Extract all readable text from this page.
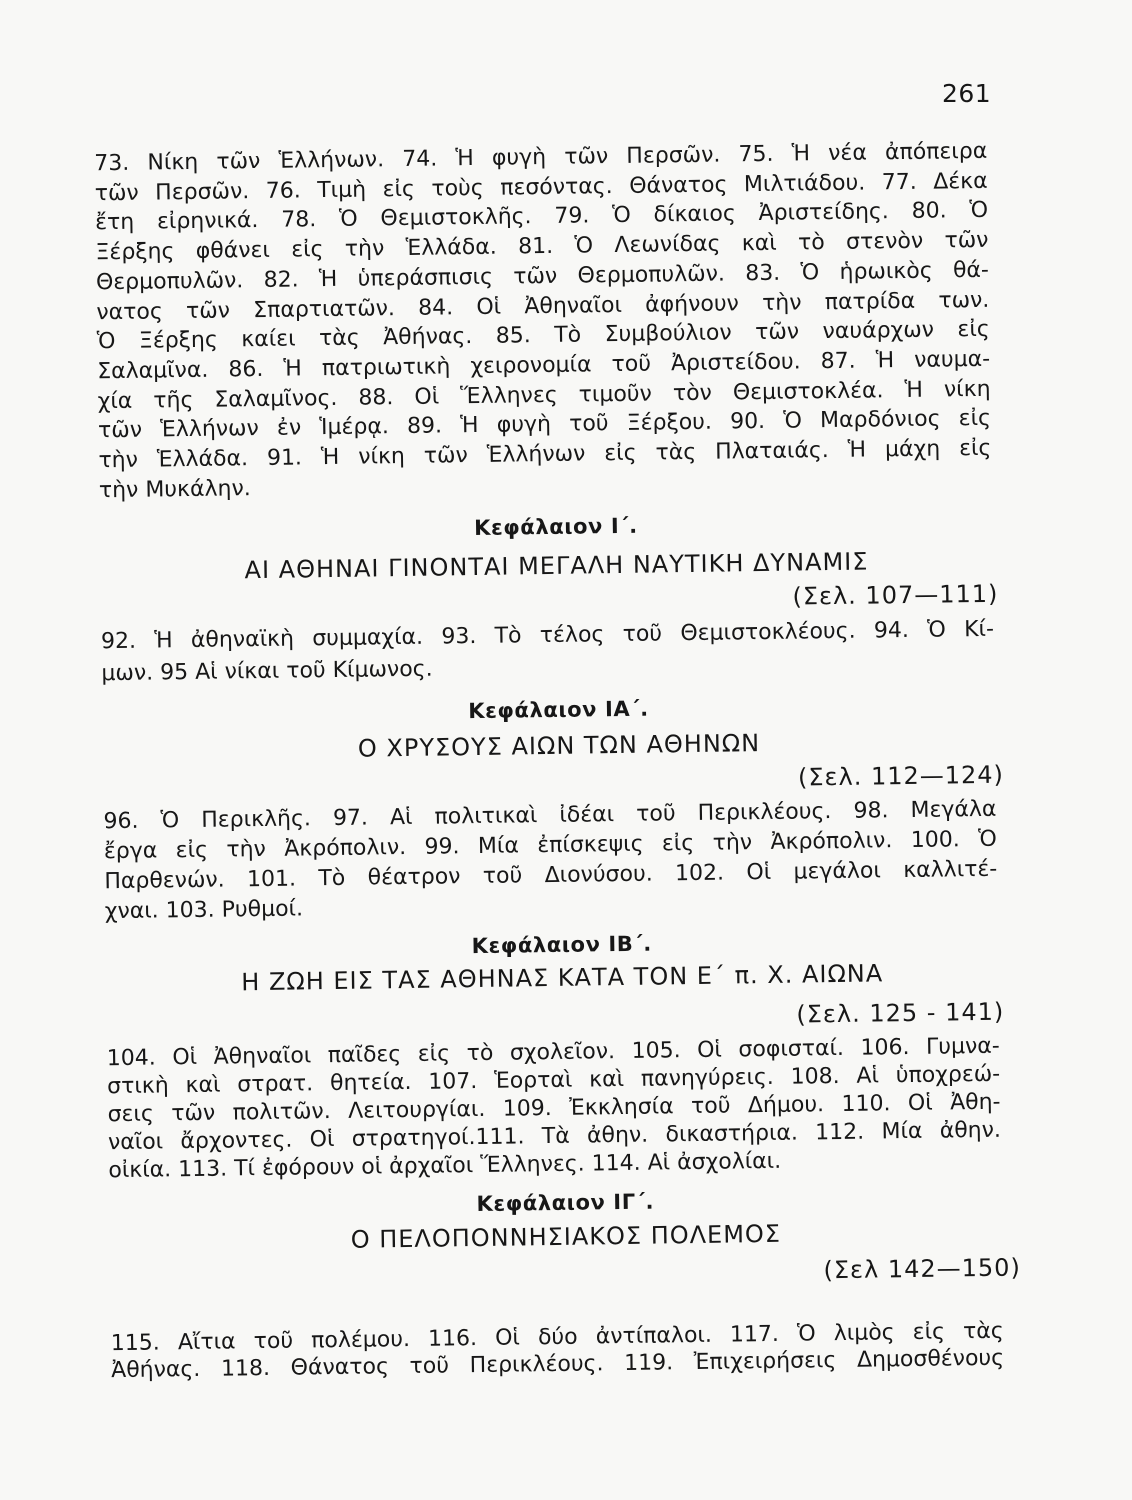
261
73. Νίκη τῶν Ἑλλήνων. 74. Ἡ φυγὴ τῶν Περσῶν. 75. Ἡ νέα ἀπόπειρα
τῶν Περσῶν. 76. Τιμὴ εἰς τοὺς πεσόντας. Θάνατος Μιλτιάδου. 77. Δέκα
ἔτη εἰρηνικά. 78. Ὁ Θεμιστοκλῆς. 79. Ὁ δίκαιος Ἀριστείδης. 80. Ὁ
Ξέρξης φθάνει εἰς τὴν Ἑλλάδα. 81. Ὁ Λεωνίδας καὶ τὸ στενὸν τῶν
Θερμοπυλῶν. 82. Ἡ ὑπεράσπισις τῶν Θερμοπυλῶν. 83. Ὁ ἡρωικὸς θά-
νατος τῶν Σπαρτιατῶν. 84. Οἱ Ἀθηναῖοι ἀφήνουν τὴν πατρίδα των.
Ὁ Ξέρξης καίει τὰς Ἀθήνας. 85. Τὸ Συμβούλιον τῶν ναυάρχων εἰς
Σαλαμῖνα. 86. Ἡ πατριωτικὴ χειρονομία τοῦ Ἀριστείδου. 87. Ἡ ναυμα-
χία τῆς Σαλαμῖνος. 88. Οἱ Ἕλληνες τιμοῦν τὸν Θεμιστοκλέα. Ἡ νίκη
τῶν Ἑλλήνων ἐν Ἱμέρᾳ. 89. Ἡ φυγὴ τοῦ Ξέρξου. 90. Ὁ Μαρδόνιος εἰς
τὴν Ἑλλάδα. 91. Ἡ νίκη τῶν Ἑλλήνων εἰς τὰς Πλαταιάς. Ἡ μάχη εἰς
τὴν Μυκάλην.
Κεφάλαιον Ι΄.
ΑΙ ΑΘΗΝΑΙ ΓΙΝΟΝΤΑΙ ΜΕΓΑΛΗ ΝΑΥΤΙΚΗ ΔΥΝΑΜΙΣ
(Σελ. 107—111)
92. Ἡ ἀθηναϊκὴ συμμαχία. 93. Τὸ τέλος τοῦ Θεμιστοκλέους. 94. Ὁ Κί-
μων. 95 Αἱ νίκαι τοῦ Κίμωνος.
Κεφάλαιον ΙΑ΄.
Ο ΧΡΥΣΟΥΣ ΑΙΩΝ ΤΩΝ ΑΘΗΝΩΝ
(Σελ. 112—124)
96. Ὁ Περικλῆς. 97. Αἱ πολιτικαὶ ἰδέαι τοῦ Περικλέους. 98. Μεγάλα
ἔργα εἰς τὴν Ἀκρόπολιν. 99. Μία ἐπίσκεψις εἰς τὴν Ἀκρόπολιν. 100. Ὁ
Παρθενών. 101. Τὸ θέατρον τοῦ Διονύσου. 102. Οἱ μεγάλοι καλλιτέ-
χναι. 103. Ρυθμοί.
Κεφάλαιον ΙΒ΄.
Η ΖΩΗ ΕΙΣ ΤΑΣ ΑΘΗΝΑΣ ΚΑΤΑ ΤΟΝ Ε΄ π. Χ. ΑΙΩΝΑ
(Σελ. 125 - 141)
104. Οἱ Ἀθηναῖοι παῖδες εἰς τὸ σχολεῖον. 105. Οἱ σοφισταί. 106. Γυμνα-
στικὴ καὶ στρατ. θητεία. 107. Ἑορταὶ καὶ πανηγύρεις. 108. Αἱ ὑποχρεώ-
σεις τῶν πολιτῶν. Λειτουργίαι. 109. Ἐκκλησία τοῦ Δήμου. 110. Οἱ Ἀθη-
ναῖοι ἄρχοντες. Οἱ στρατηγοί.111. Τὰ ἀθην. δικαστήρια. 112. Μία ἀθην.
οἰκία. 113. Τί ἐφόρουν οἱ ἀρχαῖοι Ἕλληνες. 114. Αἱ ἀσχολίαι.
Κεφάλαιον ΙΓ΄.
Ο ΠΕΛΟΠΟΝΝΗΣΙΑΚΟΣ ΠΟΛΕΜΟΣ
(Σελ 142—150)
115. Αἴτια τοῦ πολέμου. 116. Οἱ δύο ἀντίπαλοι. 117. Ὁ λιμὸς εἰς τὰς
Ἀθήνας. 118. Θάνατος τοῦ Περικλέους. 119. Ἐπιχειρήσεις Δημοσθένους
